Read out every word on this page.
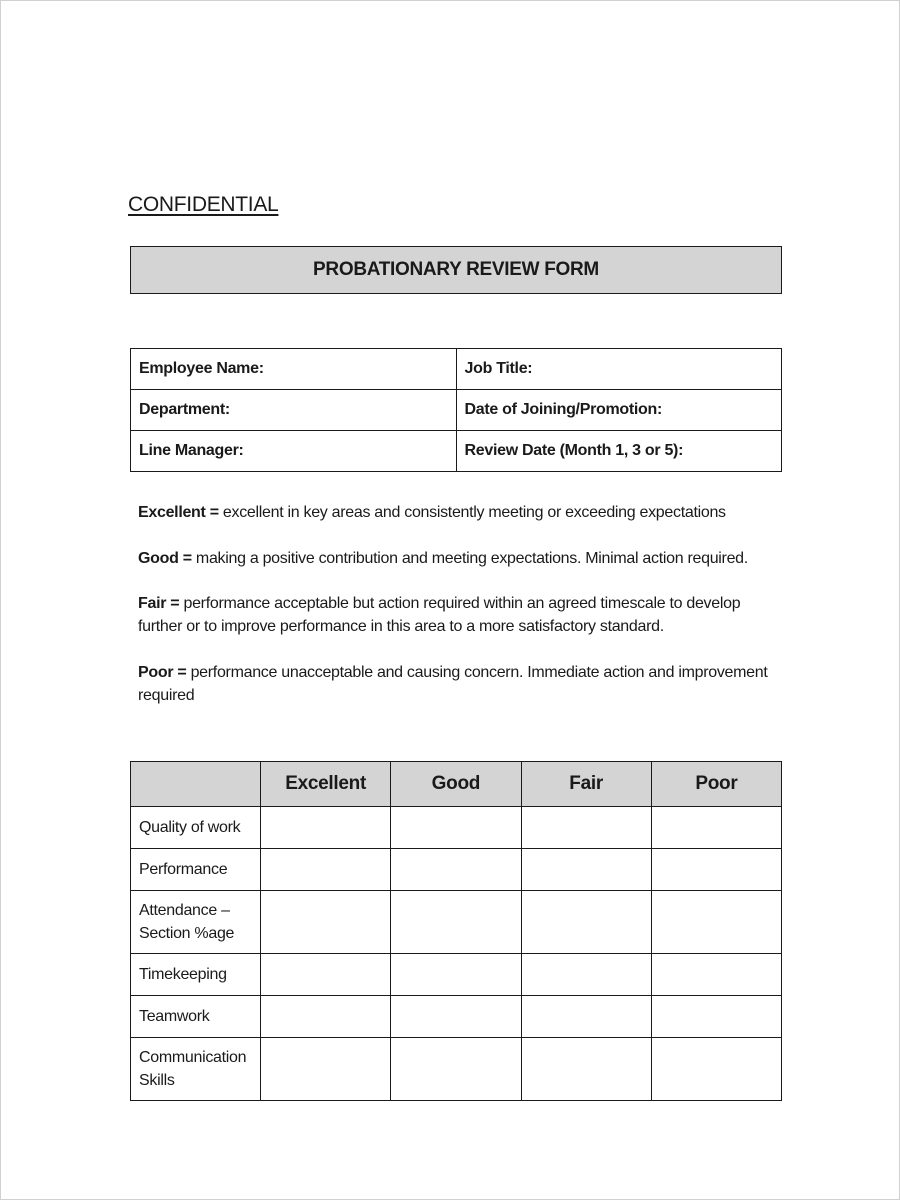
CONFIDENTIAL
PROBATIONARY REVIEW FORM
Employee Name:	Job Title:
Department:	Date of Joining/Promotion:
Line Manager:	Review Date (Month 1, 3 or 5):

Excellent = excellent in key areas and consistently meeting or exceeding expectations

Good = making a positive contribution and meeting expectations. Minimal action required.

Fair = performance acceptable but action required within an agreed timescale to develop further or to improve performance in this area to a more satisfactory standard.

Poor = performance unacceptable and causing concern. Immediate action and improvement required

	Excellent	Good	Fair	Poor
Quality of work				
Performance				
Attendance – Section %age				
Timekeeping				
Teamwork				
Communication Skills				
